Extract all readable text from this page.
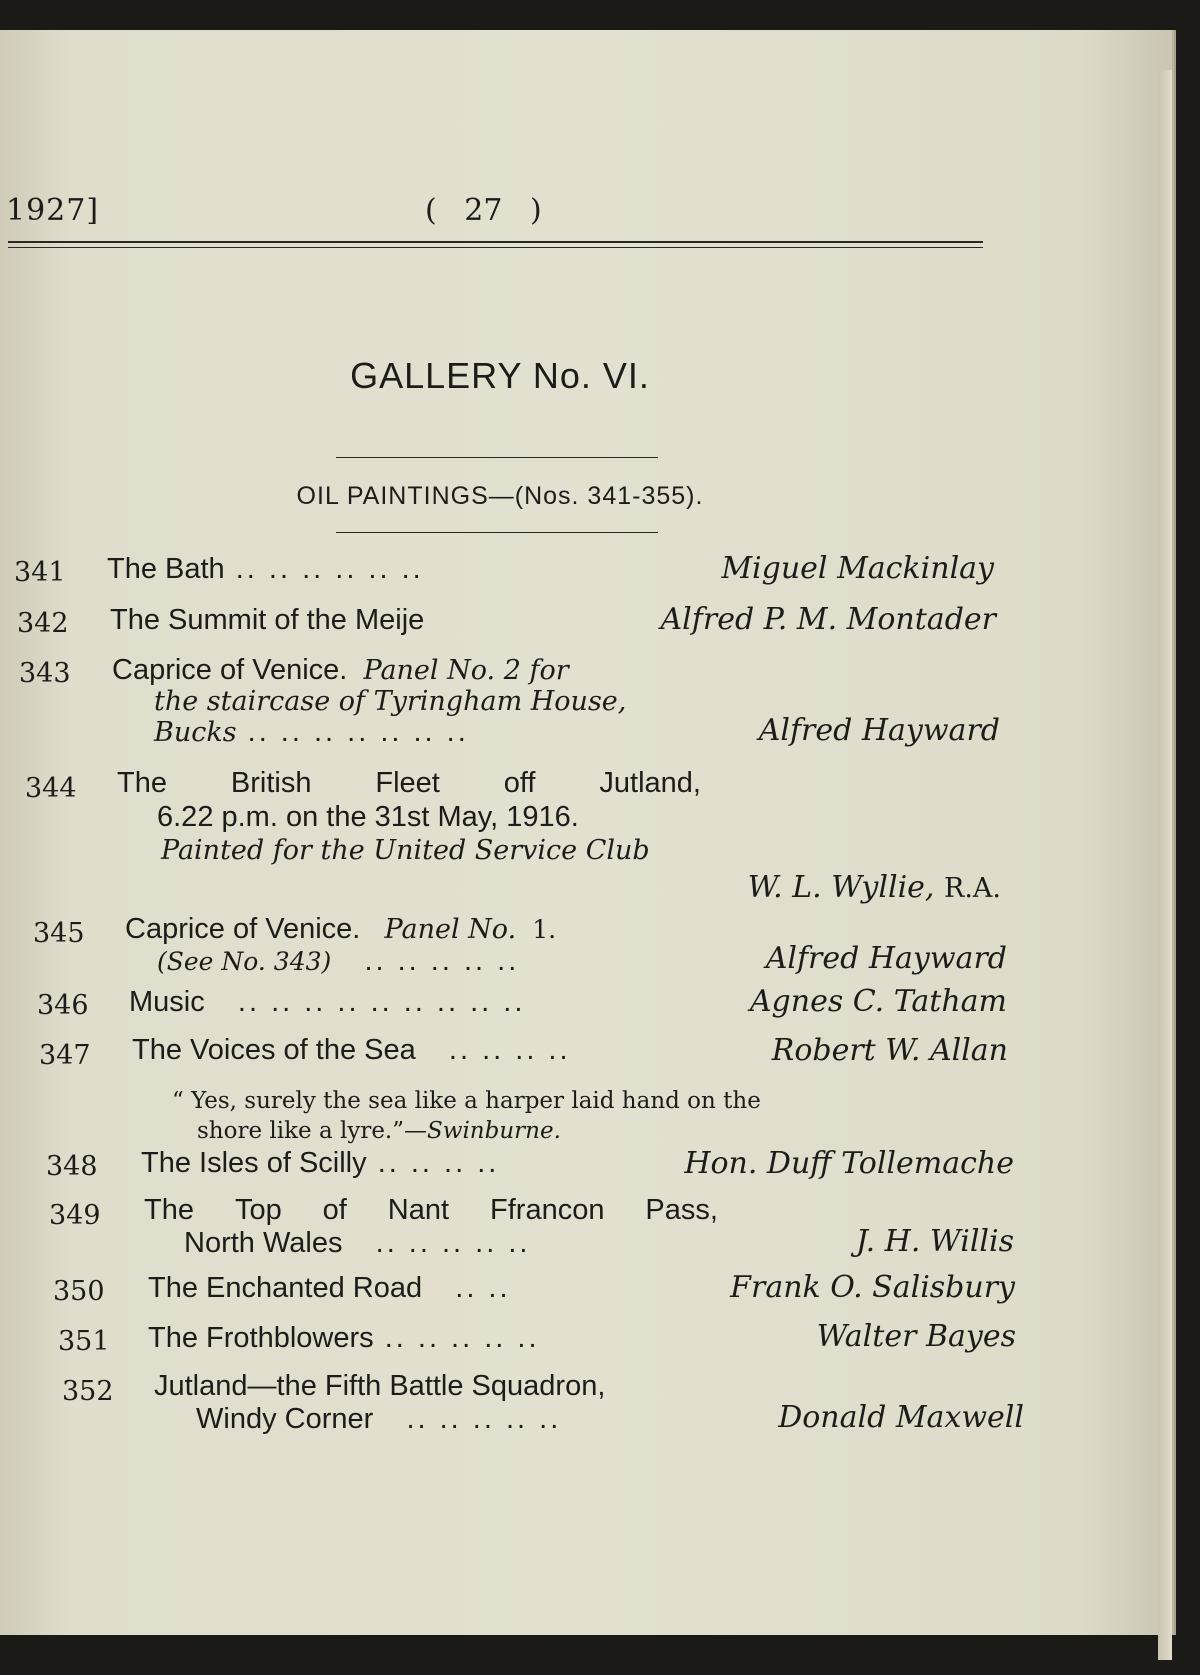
1927]	( 27 )
GALLERY No. VI.
OIL PAINTINGS—(Nos. 341-355).
341 The Bath .. .. .. .. .. ..	Miguel Mackinlay
342 The Summit of the Meije	Alfred P. M. Montader
343 Caprice of Venice. Panel No. 2 for
the staircase of Tyringham House,
Bucks .. .. .. .. .. .. ..	Alfred Hayward
344 The British Fleet off Jutland,
6.22 p.m. on the 31st May, 1916.
Painted for the United Service Club
W. L. Wyllie, R.A.
345 Caprice of Venice. Panel No. 1.
(See No. 343)   .. .. .. .. ..	Alfred Hayward
346 Music   .. .. .. .. .. .. .. .. ..	Agnes C. Tatham
347 The Voices of the Sea   .. .. .. ..	Robert W. Allan
“ Yes, surely the sea like a harper laid hand on the
shore like a lyre.”—Swinburne.
348 The Isles of Scilly .. .. .. ..	Hon. Duff Tollemache
349 The Top of Nant Ffrancon Pass,
North Wales   .. .. .. .. ..	J. H. Willis
350 The Enchanted Road   .. ..	Frank O. Salisbury
351 The Frothblowers .. .. .. .. ..	Walter Bayes
352 Jutland—the Fifth Battle Squadron,
Windy Corner   .. .. .. .. ..	Donald Maxwell
